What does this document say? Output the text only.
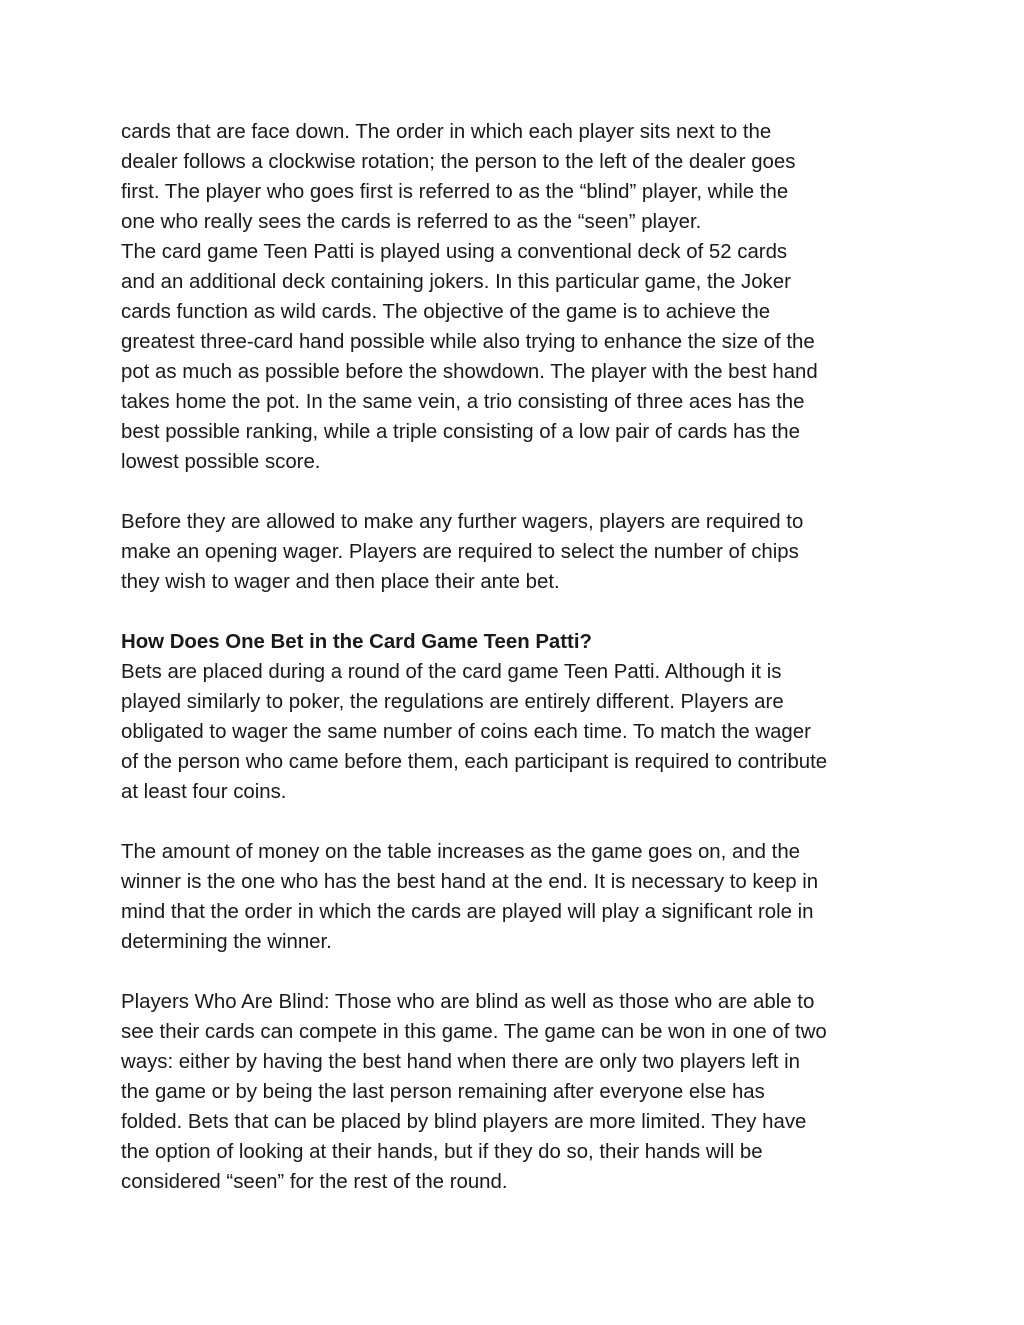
cards that are face down. The order in which each player sits next to the
dealer follows a clockwise rotation; the person to the left of the dealer goes
first. The player who goes first is referred to as the “blind” player, while the
one who really sees the cards is referred to as the “seen” player.
The card game Teen Patti is played using a conventional deck of 52 cards
and an additional deck containing jokers. In this particular game, the Joker
cards function as wild cards. The objective of the game is to achieve the
greatest three-card hand possible while also trying to enhance the size of the
pot as much as possible before the showdown. The player with the best hand
takes home the pot. In the same vein, a trio consisting of three aces has the
best possible ranking, while a triple consisting of a low pair of cards has the
lowest possible score.
Before they are allowed to make any further wagers, players are required to
make an opening wager. Players are required to select the number of chips
they wish to wager and then place their ante bet.
How Does One Bet in the Card Game Teen Patti?
Bets are placed during a round of the card game Teen Patti. Although it is
played similarly to poker, the regulations are entirely different. Players are
obligated to wager the same number of coins each time. To match the wager
of the person who came before them, each participant is required to contribute
at least four coins.
The amount of money on the table increases as the game goes on, and the
winner is the one who has the best hand at the end. It is necessary to keep in
mind that the order in which the cards are played will play a significant role in
determining the winner.
Players Who Are Blind: Those who are blind as well as those who are able to
see their cards can compete in this game. The game can be won in one of two
ways: either by having the best hand when there are only two players left in
the game or by being the last person remaining after everyone else has
folded. Bets that can be placed by blind players are more limited. They have
the option of looking at their hands, but if they do so, their hands will be
considered “seen” for the rest of the round.
